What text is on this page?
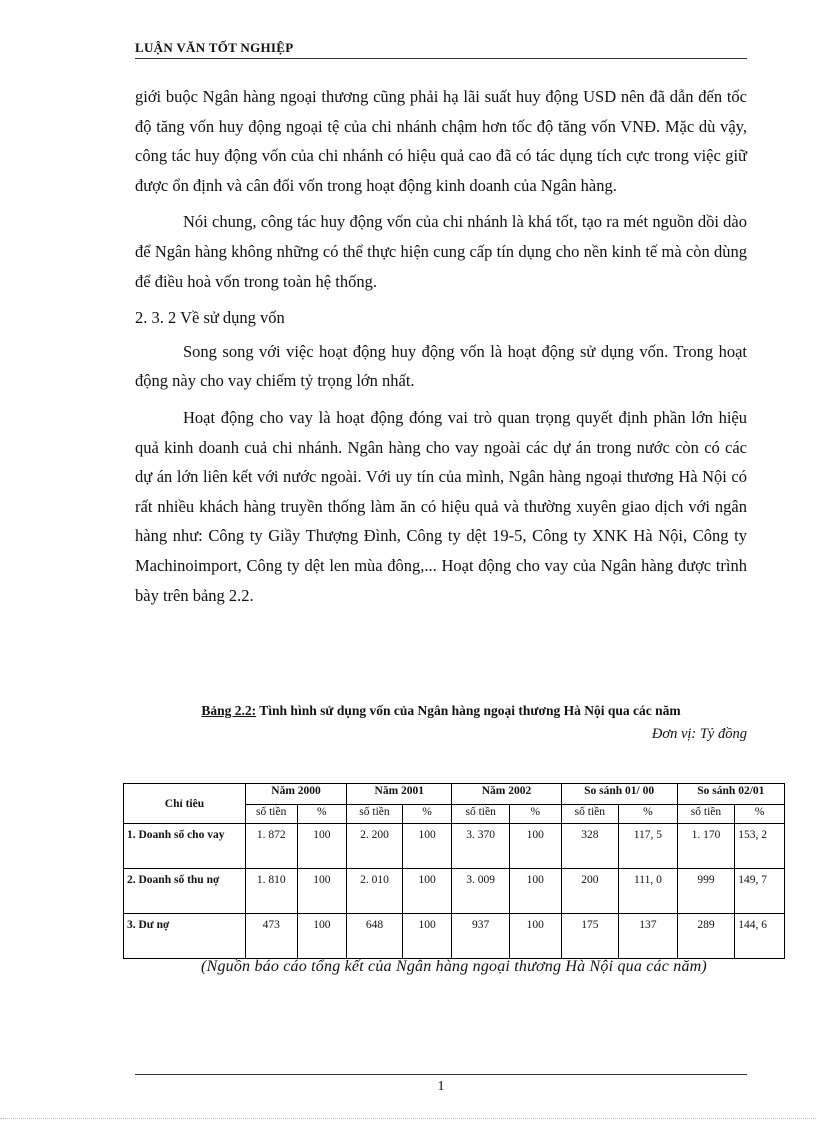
LUẬN VĂN TỐT NGHIỆP

giới buộc Ngân hàng ngoại thương cũng phải hạ lãi suất huy động USD nên đã dẫn đến tốc độ tăng vốn huy động ngoại tệ của chi nhánh chậm hơn tốc độ tăng vốn VNĐ. Mặc dù vậy, công tác huy động vốn của chi nhánh có hiệu quả cao đã có tác dụng tích cực trong việc giữ được ổn định và cân đối vốn trong hoạt động kinh doanh của Ngân hàng.

Nói chung, công tác huy động vốn của chi nhánh là khá tốt, tạo ra mét nguồn dồi dào để Ngân hàng không những có thể thực hiện cung cấp tín dụng cho nền kinh tế mà còn dùng để điều hoà vốn trong toàn hệ thống.

2. 3. 2 Về sử dụng vốn

Song song với việc hoạt động huy động vốn là hoạt động sử dụng vốn. Trong hoạt động này cho vay chiếm tỷ trọng lớn nhất.

Hoạt động cho vay là hoạt động đóng vai trò quan trọng quyết định phần lớn hiệu quả kinh doanh cuả chi nhánh. Ngân hàng cho vay ngoài các dự án trong nước còn có các dự án lớn liên kết với nước ngoài. Với uy tín của mình, Ngân hàng ngoại thương Hà Nội có rất nhiều khách hàng truyền thống làm ăn có hiệu quả và thường xuyên giao dịch với ngân hàng như: Công ty Giầy Thượng Đình, Công ty dệt 19-5, Công ty XNK Hà Nội, Công ty Machinoimport, Công ty dệt len mùa đông,... Hoạt động cho vay của Ngân hàng được trình bày trên bảng 2.2.

Bảng 2.2: Tình hình sử dụng vốn của Ngân hàng ngoại thương Hà Nội qua các năm
Đơn vị: Tỷ đồng
Chỉ tiêu	Năm 2000		Năm 2001		Năm 2002		So sánh 01/ 00		So sánh 02/01	
	số tiền	%	số tiền	%	số tiền	%	số tiền	%	số tiền	%
1. Doanh số cho vay	1. 872	100	2. 200	100	3. 370	100	328	117, 5	1. 170	153, 2
2. Doanh số thu nợ	1. 810	100	2. 010	100	3. 009	100	200	111, 0	999	149, 7
3. Dư nợ	473	100	648	100	937	100	175	137	289	144, 6
(Nguồn báo cáo tổng kết của Ngân hàng ngoại thương Hà Nội qua các năm)
1
